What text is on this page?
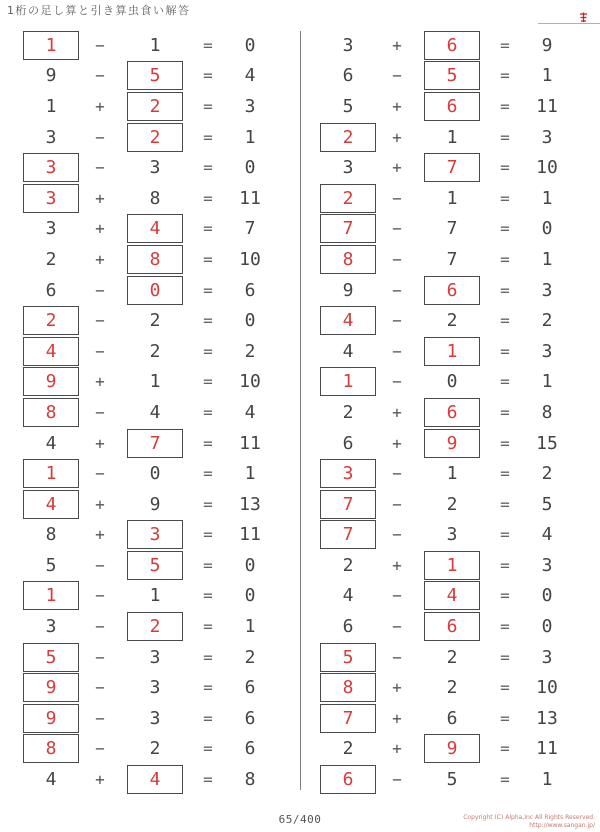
1桁の足し算と引き算虫食い解答
1	−	1	=	0
9	−	5	=	4
1	+	2	=	3
3	−	2	=	1
3	−	3	=	0
3	+	8	=	11
3	+	4	=	7
2	+	8	=	10
6	−	0	=	6
2	−	2	=	0
4	−	2	=	2
9	+	1	=	10
8	−	4	=	4
4	+	7	=	11
1	−	0	=	1
4	+	9	=	13
8	+	3	=	11
5	−	5	=	0
1	−	1	=	0
3	−	2	=	1
5	−	3	=	2
9	−	3	=	6
9	−	3	=	6
8	−	2	=	6
4	+	4	=	8
3	+	6	=	9
6	−	5	=	1
5	+	6	=	11
2	+	1	=	3
3	+	7	=	10
2	−	1	=	1
7	−	7	=	0
8	−	7	=	1
9	−	6	=	3
4	−	2	=	2
4	−	1	=	3
1	−	0	=	1
2	+	6	=	8
6	+	9	=	15
3	−	1	=	2
7	−	2	=	5
7	−	3	=	4
2	+	1	=	3
4	−	4	=	0
6	−	6	=	0
5	−	2	=	3
8	+	2	=	10
7	+	6	=	13
2	+	9	=	11
6	−	5	=	1
65/400	Copyright (C) Alpha,Inc All Rights Reserved.
http://www.sangan.jp/
